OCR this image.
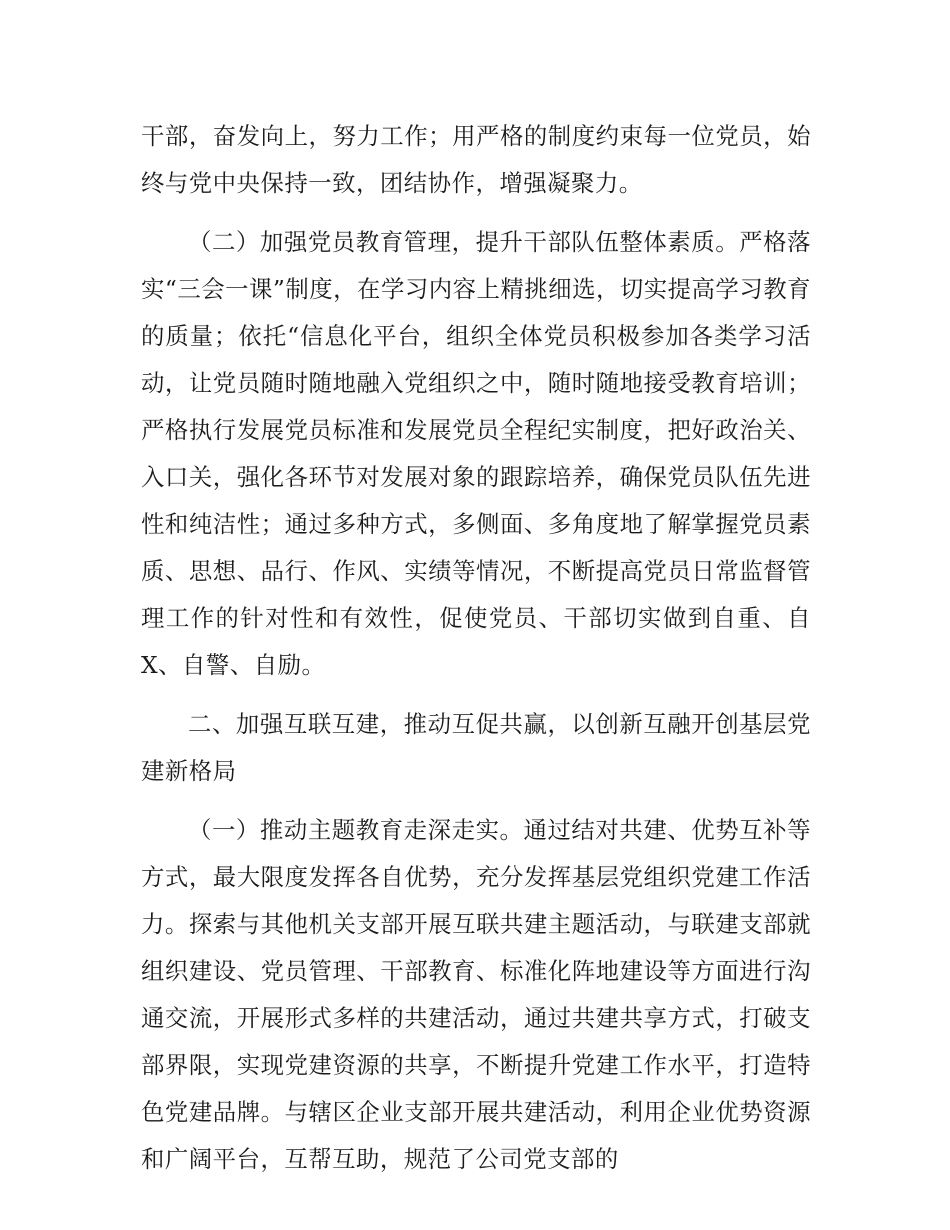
干部，奋发向上，努力工作；用严格的制度约束每一位党员，始终与党中央保持一致，团结协作，增强凝聚力。

（二）加强党员教育管理，提升干部队伍整体素质。严格落实“三会一课”制度，在学习内容上精挑细选，切实提高学习教育的质量；依托“信息化平台，组织全体党员积极参加各类学习活动，让党员随时随地融入党组织之中，随时随地接受教育培训；严格执行发展党员标准和发展党员全程纪实制度，把好政治关、入口关，强化各环节对发展对象的跟踪培养，确保党员队伍先进性和纯洁性；通过多种方式，多侧面、多角度地了解掌握党员素质、思想、品行、作风、实绩等情况，不断提高党员日常监督管理工作的针对性和有效性，促使党员、干部切实做到自重、自X、自警、自励。

二、加强互联互建，推动互促共赢，以创新互融开创基层党建新格局

（一）推动主题教育走深走实。通过结对共建、优势互补等方式，最大限度发挥各自优势，充分发挥基层党组织党建工作活力。探索与其他机关支部开展互联共建主题活动，与联建支部就组织建设、党员管理、干部教育、标准化阵地建设等方面进行沟通交流，开展形式多样的共建活动，通过共建共享方式，打破支部界限，实现党建资源的共享，不断提升党建工作水平，打造特色党建品牌。与辖区企业支部开展共建活动，利用企业优势资源和广阔平台，互帮互助，规范了公司党支部的
